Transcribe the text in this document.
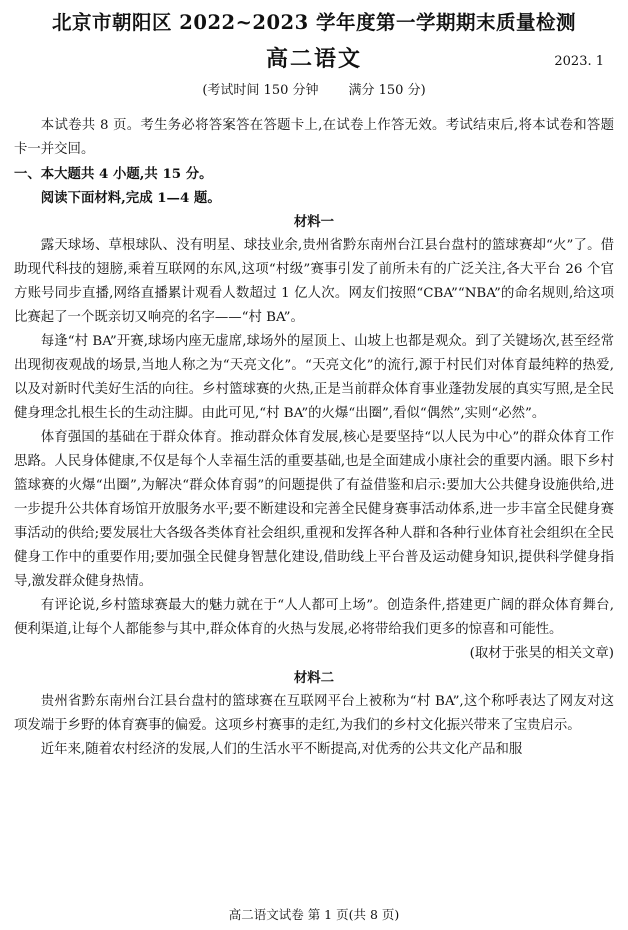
北京市朝阳区 2022~2023 学年度第一学期期末质量检测
高二语文	2023. 1
(考试时间 150 分钟 满分 150 分)

本试卷共 8 页。考生务必将答案答在答题卡上,在试卷上作答无效。考试结束后,将本试卷和答题卡一并交回。

一、本大题共 4 小题,共 15 分。

阅读下面材料,完成 1—4 题。

材料一

露天球场、草根球队、没有明星、球技业余,贵州省黔东南州台江县台盘村的篮球赛却“火”了。借助现代科技的翅膀,乘着互联网的东风,这项“村级”赛事引发了前所未有的广泛关注,各大平台 26 个官方账号同步直播,网络直播累计观看人数超过 1 亿人次。网友们按照“CBA”“NBA”的命名规则,给这项比赛起了一个既亲切又响亮的名字——“村 BA”。

每逢“村 BA”开赛,球场内座无虚席,球场外的屋顶上、山坡上也都是观众。到了关键场次,甚至经常出现彻夜观战的场景,当地人称之为“天亮文化”。“天亮文化”的流行,源于村民们对体育最纯粹的热爱,以及对新时代美好生活的向往。乡村篮球赛的火热,正是当前群众体育事业蓬勃发展的真实写照,是全民健身理念扎根生长的生动注脚。由此可见,“村 BA”的火爆“出圈”,看似“偶然”,实则“必然”。

体育强国的基础在于群众体育。推动群众体育发展,核心是要坚持“以人民为中心”的群众体育工作思路。人民身体健康,不仅是每个人幸福生活的重要基础,也是全面建成小康社会的重要内涵。眼下乡村篮球赛的火爆“出圈”,为解决“群众体育弱”的问题提供了有益借鉴和启示:要加大公共健身设施供给,进一步提升公共体育场馆开放服务水平;要不断建设和完善全民健身赛事活动体系,进一步丰富全民健身赛事活动的供给;要发展壮大各级各类体育社会组织,重视和发挥各种人群和各种行业体育社会组织在全民健身工作中的重要作用;要加强全民健身智慧化建设,借助线上平台普及运动健身知识,提供科学健身指导,激发群众健身热情。

有评论说,乡村篮球赛最大的魅力就在于“人人都可上场”。创造条件,搭建更广阔的群众体育舞台,便利渠道,让每个人都能参与其中,群众体育的火热与发展,必将带给我们更多的惊喜和可能性。

(取材于张昊的相关文章)

材料二

贵州省黔东南州台江县台盘村的篮球赛在互联网平台上被称为“村 BA”,这个称呼表达了网友对这项发端于乡野的体育赛事的偏爱。这项乡村赛事的走红,为我们的乡村文化振兴带来了宝贵启示。

近年来,随着农村经济的发展,人们的生活水平不断提高,对优秀的公共文化产品和服

高二语文试卷 第 1 页(共 8 页)
